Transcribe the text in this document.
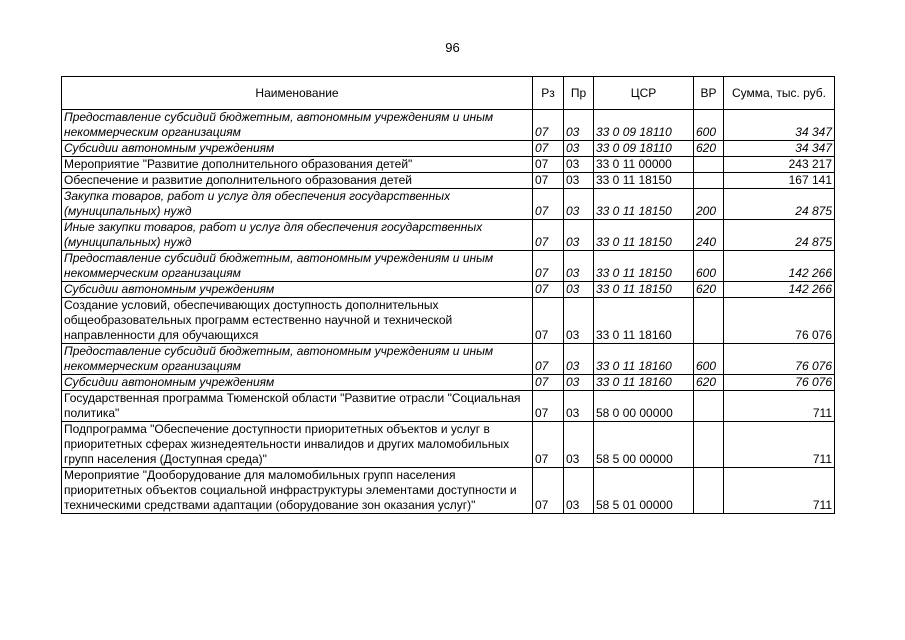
96
Наименование	Рз	Пр	ЦСР	ВР	Сумма, тыс. руб.
Предоставление субсидий бюджетным, автономным учреждениям и иным некоммерческим организациям	07	03	33 0 09 18110	600	34 347
Субсидии автономным учреждениям	07	03	33 0 09 18110	620	34 347
Мероприятие "Развитие дополнительного образования детей"	07	03	33 0 11 00000		243 217
Обеспечение и развитие дополнительного образования детей	07	03	33 0 11 18150		167 141
Закупка товаров, работ и услуг для обеспечения государственных (муниципальных) нужд	07	03	33 0 11 18150	200	24 875
Иные закупки товаров, работ и услуг для обеспечения государственных (муниципальных) нужд	07	03	33 0 11 18150	240	24 875
Предоставление субсидий бюджетным, автономным учреждениям и иным некоммерческим организациям	07	03	33 0 11 18150	600	142 266
Субсидии автономным учреждениям	07	03	33 0 11 18150	620	142 266
Создание условий, обеспечивающих доступность дополнительных общеобразовательных программ естественно научной и технической направленности для обучающихся	07	03	33 0 11 18160		76 076
Предоставление субсидий бюджетным, автономным учреждениям и иным некоммерческим организациям	07	03	33 0 11 18160	600	76 076
Субсидии автономным учреждениям	07	03	33 0 11 18160	620	76 076
Государственная программа Тюменской области "Развитие отрасли "Социальная политика"	07	03	58 0 00 00000		711
Подпрограмма "Обеспечение доступности приоритетных объектов и услуг в приоритетных сферах жизнедеятельности инвалидов и других маломобильных групп населения (Доступная среда)"	07	03	58 5 00 00000		711
Мероприятие "Дооборудование для маломобильных групп населения приоритетных объектов социальной инфраструктуры элементами доступности и техническими средствами адаптации (оборудование зон оказания услуг)"	07	03	58 5 01 00000		711
